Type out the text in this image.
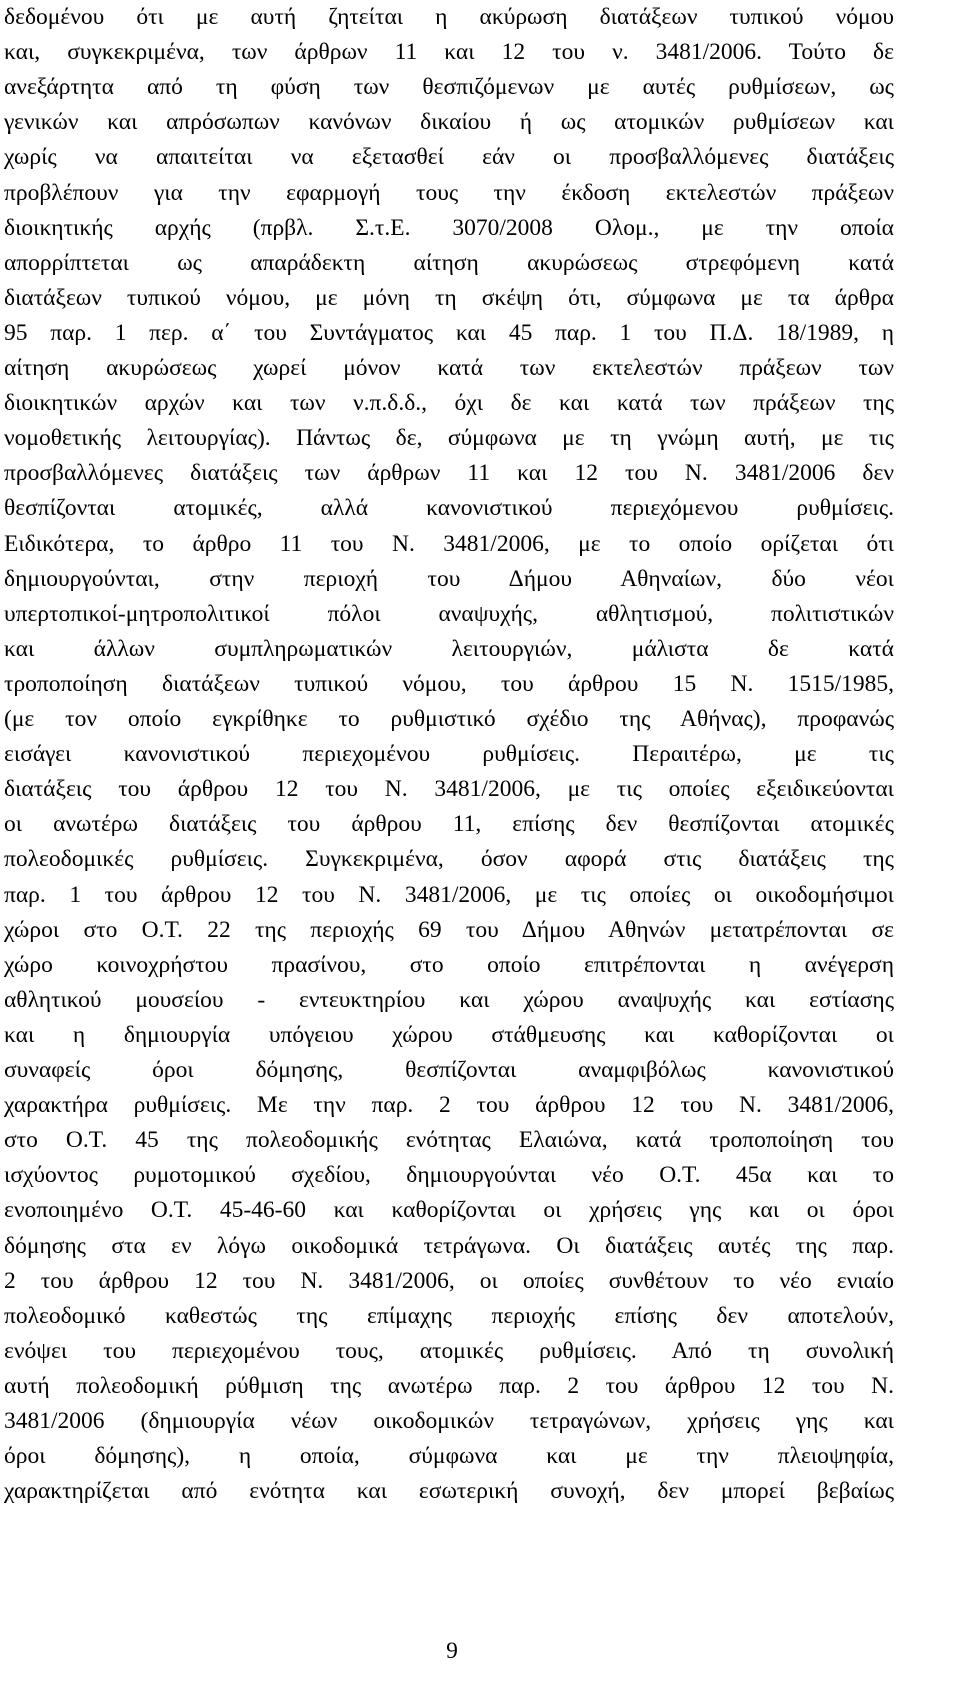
δεδομένου ότι με αυτή ζητείται η ακύρωση διατάξεων τυπικού νόμου
και, συγκεκριμένα, των άρθρων 11 και 12 του ν. 3481/2006. Τούτο δε
ανεξάρτητα από τη φύση των θεσπιζόμενων με αυτές ρυθμίσεων, ως
γενικών και απρόσωπων κανόνων δικαίου ή ως ατομικών ρυθμίσεων και
χωρίς να απαιτείται να εξετασθεί εάν οι προσβαλλόμενες διατάξεις
προβλέπουν για την εφαρμογή τους την έκδοση εκτελεστών πράξεων
διοικητικής αρχής (πρβλ. Σ.τ.Ε. 3070/2008 Ολομ., με την οποία
απορρίπτεται ως απαράδεκτη αίτηση ακυρώσεως στρεφόμενη κατά
διατάξεων τυπικού νόμου, με μόνη τη σκέψη ότι, σύμφωνα με τα άρθρα
95 παρ. 1 περ. α΄ του Συντάγματος και 45 παρ. 1 του Π.Δ. 18/1989, η
αίτηση ακυρώσεως χωρεί μόνον κατά των εκτελεστών πράξεων των
διοικητικών αρχών και των ν.π.δ.δ., όχι δε και κατά των πράξεων της
νομοθετικής λειτουργίας). Πάντως δε, σύμφωνα με τη γνώμη αυτή, με τις
προσβαλλόμενες διατάξεις των άρθρων 11 και 12 του Ν. 3481/2006 δεν
θεσπίζονται ατομικές, αλλά κανονιστικού περιεχόμενου ρυθμίσεις.
Ειδικότερα, το άρθρο 11 του Ν. 3481/2006, με το οποίο ορίζεται ότι
δημιουργούνται, στην περιοχή του Δήμου Αθηναίων, δύο νέοι
υπερτοπικοί-μητροπολιτικοί πόλοι αναψυχής, αθλητισμού, πολιτιστικών
και άλλων συμπληρωματικών λειτουργιών, μάλιστα δε κατά
τροποποίηση διατάξεων τυπικού νόμου, του άρθρου 15 Ν. 1515/1985,
(με τον οποίο εγκρίθηκε το ρυθμιστικό σχέδιο της Αθήνας), προφανώς
εισάγει κανονιστικού περιεχομένου ρυθμίσεις. Περαιτέρω, με τις
διατάξεις του άρθρου 12 του Ν. 3481/2006, με τις οποίες εξειδικεύονται
οι ανωτέρω διατάξεις του άρθρου 11, επίσης δεν θεσπίζονται ατομικές
πολεοδομικές ρυθμίσεις. Συγκεκριμένα, όσον αφορά στις διατάξεις της
παρ. 1 του άρθρου 12 του Ν. 3481/2006, με τις οποίες οι οικοδομήσιμοι
χώροι στο Ο.Τ. 22 της περιοχής 69 του Δήμου Αθηνών μετατρέπονται σε
χώρο κοινοχρήστου πρασίνου, στο οποίο επιτρέπονται η ανέγερση
αθλητικού μουσείου - εντευκτηρίου και χώρου αναψυχής και εστίασης
και η δημιουργία υπόγειου χώρου στάθμευσης και καθορίζονται οι
συναφείς όροι δόμησης, θεσπίζονται αναμφιβόλως κανονιστικού
χαρακτήρα ρυθμίσεις. Με την παρ. 2 του άρθρου 12 του Ν. 3481/2006,
στο Ο.Τ. 45 της πολεοδομικής ενότητας Ελαιώνα, κατά τροποποίηση του
ισχύοντος ρυμοτομικού σχεδίου, δημιουργούνται νέο Ο.Τ. 45α και το
ενοποιημένο Ο.Τ. 45-46-60 και καθορίζονται οι χρήσεις γης και οι όροι
δόμησης στα εν λόγω οικοδομικά τετράγωνα. Οι διατάξεις αυτές της παρ.
2 του άρθρου 12 του Ν. 3481/2006, οι οποίες συνθέτουν το νέο ενιαίο
πολεοδομικό καθεστώς της επίμαχης περιοχής επίσης δεν αποτελούν,
ενόψει του περιεχομένου τους, ατομικές ρυθμίσεις. Από τη συνολική
αυτή πολεοδομική ρύθμιση της ανωτέρω παρ. 2 του άρθρου 12 του Ν.
3481/2006 (δημιουργία νέων οικοδομικών τετραγώνων, χρήσεις γης και
όροι δόμησης), η οποία, σύμφωνα και με την πλειοψηφία,
χαρακτηρίζεται από ενότητα και εσωτερική συνοχή, δεν μπορεί βεβαίως
9
